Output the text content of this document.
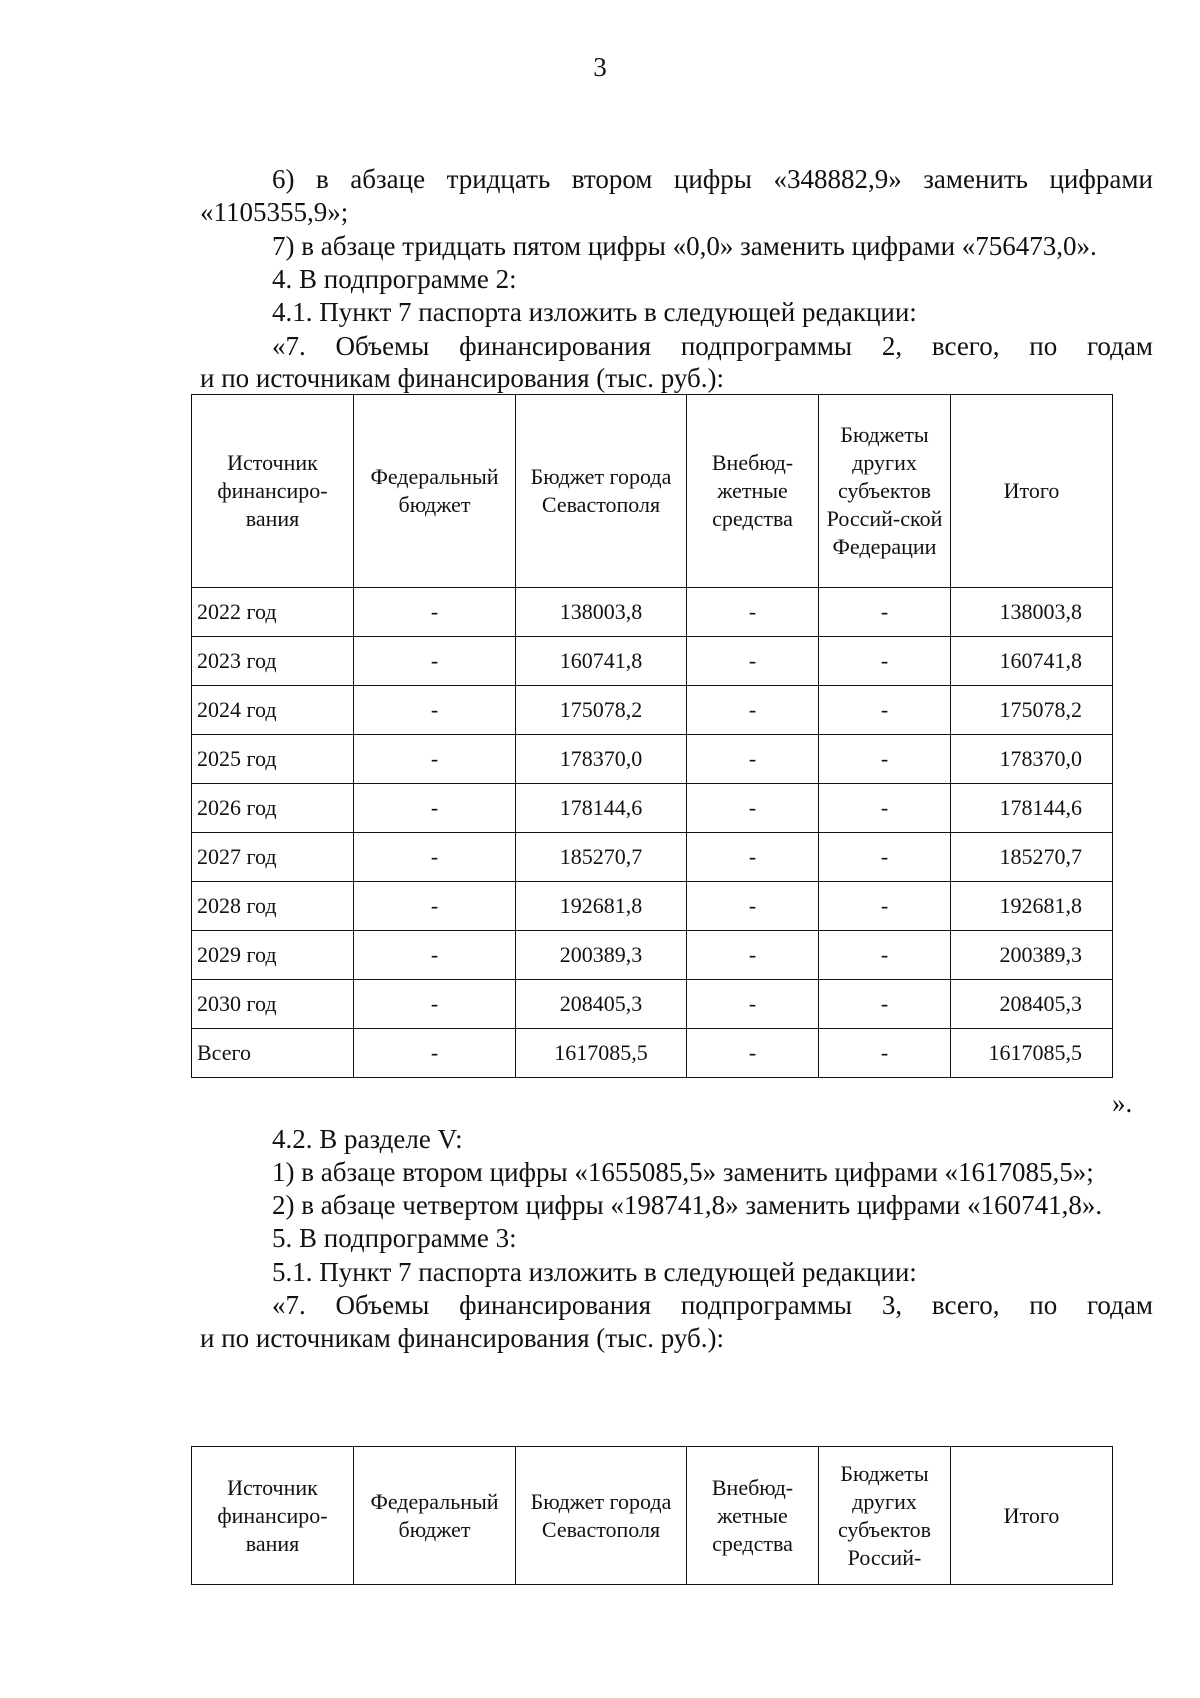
3
6) в абзаце тридцать втором цифры «348882,9» заменить цифрами
«1105355,9»;
7) в абзаце тридцать пятом цифры «0,0» заменить цифрами «756473,0».
4. В подпрограмме 2:
4.1. Пункт 7 паспорта изложить в следующей редакции:
«7. Объемы финансирования подпрограммы 2, всего, по годам
и по источникам финансирования (тыс. руб.):
Источник финансиро-вания	Федеральный бюджет	Бюджет города Севастополя	Внебюд-жетные средства	Бюджеты других субъектов Россий-ской Федерации	Итого
2022 год	-	138003,8	-	-	138003,8
2023 год	-	160741,8	-	-	160741,8
2024 год	-	175078,2	-	-	175078,2
2025 год	-	178370,0	-	-	178370,0
2026 год	-	178144,6	-	-	178144,6
2027 год	-	185270,7	-	-	185270,7
2028 год	-	192681,8	-	-	192681,8
2029 год	-	200389,3	-	-	200389,3
2030 год	-	208405,3	-	-	208405,3
Всего	-	1617085,5	-	-	1617085,5
».
4.2. В разделе V:
1) в абзаце втором цифры «1655085,5» заменить цифрами «1617085,5»;
2) в абзаце четвертом цифры «198741,8» заменить цифрами «160741,8».
5. В подпрограмме 3:
5.1. Пункт 7 паспорта изложить в следующей редакции:
«7. Объемы финансирования подпрограммы 3, всего, по годам
и по источникам финансирования (тыс. руб.):
Источник финансиро-вания	Федеральный бюджет	Бюджет города Севастополя	Внебюд-жетные средства	Бюджеты других субъектов Россий-	Итого
